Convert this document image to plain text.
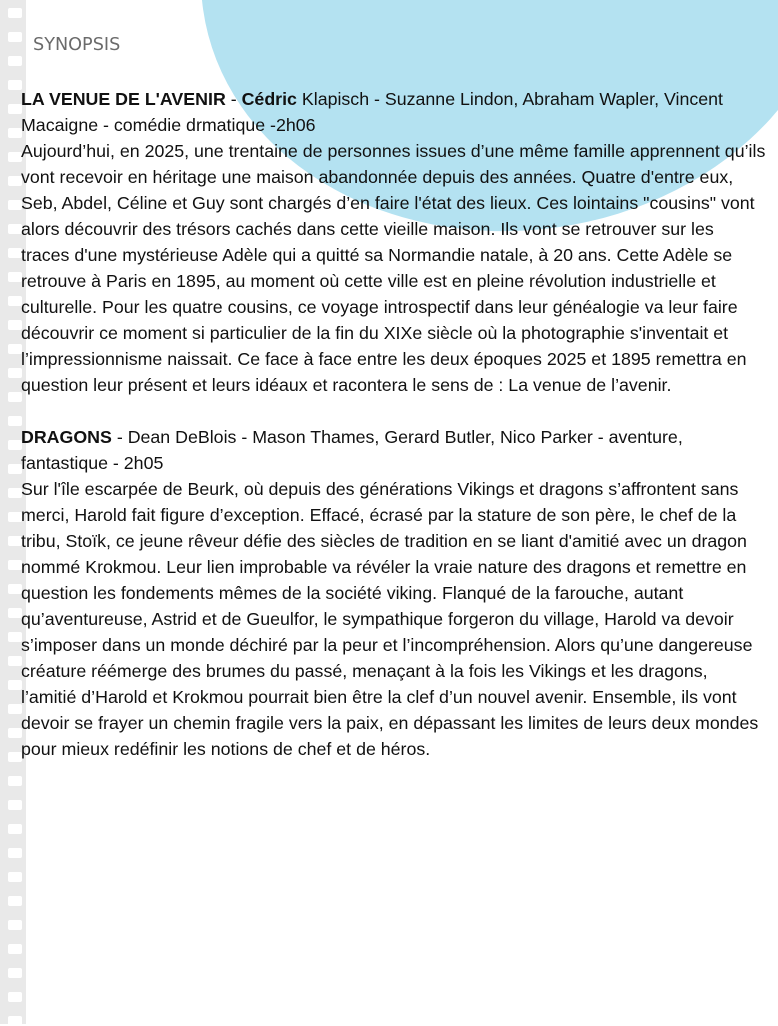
SYNOPSIS

LA VENUE DE L'AVENIR - Cédric Klapisch - Suzanne Lindon, Abraham Wapler, Vincent Macaigne - comédie drmatique -2h06

Aujourd’hui, en 2025, une trentaine de personnes issues d’une même famille apprennent qu’ils vont recevoir en héritage une maison abandonnée depuis des années. Quatre d'entre eux, Seb, Abdel, Céline et Guy sont chargés d’en faire l'état des lieux. Ces lointains "cousins" vont alors découvrir des trésors cachés dans cette vieille maison. Ils vont se retrouver sur les traces d'une mystérieuse Adèle qui a quitté sa Normandie natale, à 20 ans. Cette Adèle se retrouve à Paris en 1895, au moment où cette ville est en pleine révolution industrielle et culturelle. Pour les quatre cousins, ce voyage introspectif dans leur généalogie va leur faire découvrir ce moment si particulier de la fin du XIXe siècle où la photographie s'inventait et l’impressionnisme naissait. Ce face à face entre les deux époques 2025 et 1895 remettra en question leur présent et leurs idéaux et racontera le sens de : La venue de l’avenir.

DRAGONS - Dean DeBlois - Mason Thames, Gerard Butler, Nico Parker - aventure, fantastique - 2h05

Sur l'île escarpée de Beurk, où depuis des générations Vikings et dragons s’affrontent sans merci, Harold fait figure d’exception. Effacé, écrasé par la stature de son père, le chef de la tribu, Stoïk, ce jeune rêveur défie des siècles de tradition en se liant d'amitié avec un dragon nommé Krokmou. Leur lien improbable va révéler la vraie nature des dragons et remettre en question les fondements mêmes de la société viking. Flanqué de la farouche, autant qu’aventureuse, Astrid et de Gueulfor, le sympathique forgeron du village, Harold va devoir s’imposer dans un monde déchiré par la peur et l’incompréhension. Alors qu’une dangereuse créature réémerge des brumes du passé, menaçant à la fois les Vikings et les dragons, l’amitié d’Harold et Krokmou pourrait bien être la clef d’un nouvel avenir. Ensemble, ils vont devoir se frayer un chemin fragile vers la paix, en dépassant les limites de leurs deux mondes pour mieux redéfinir les notions de chef et de héros.
